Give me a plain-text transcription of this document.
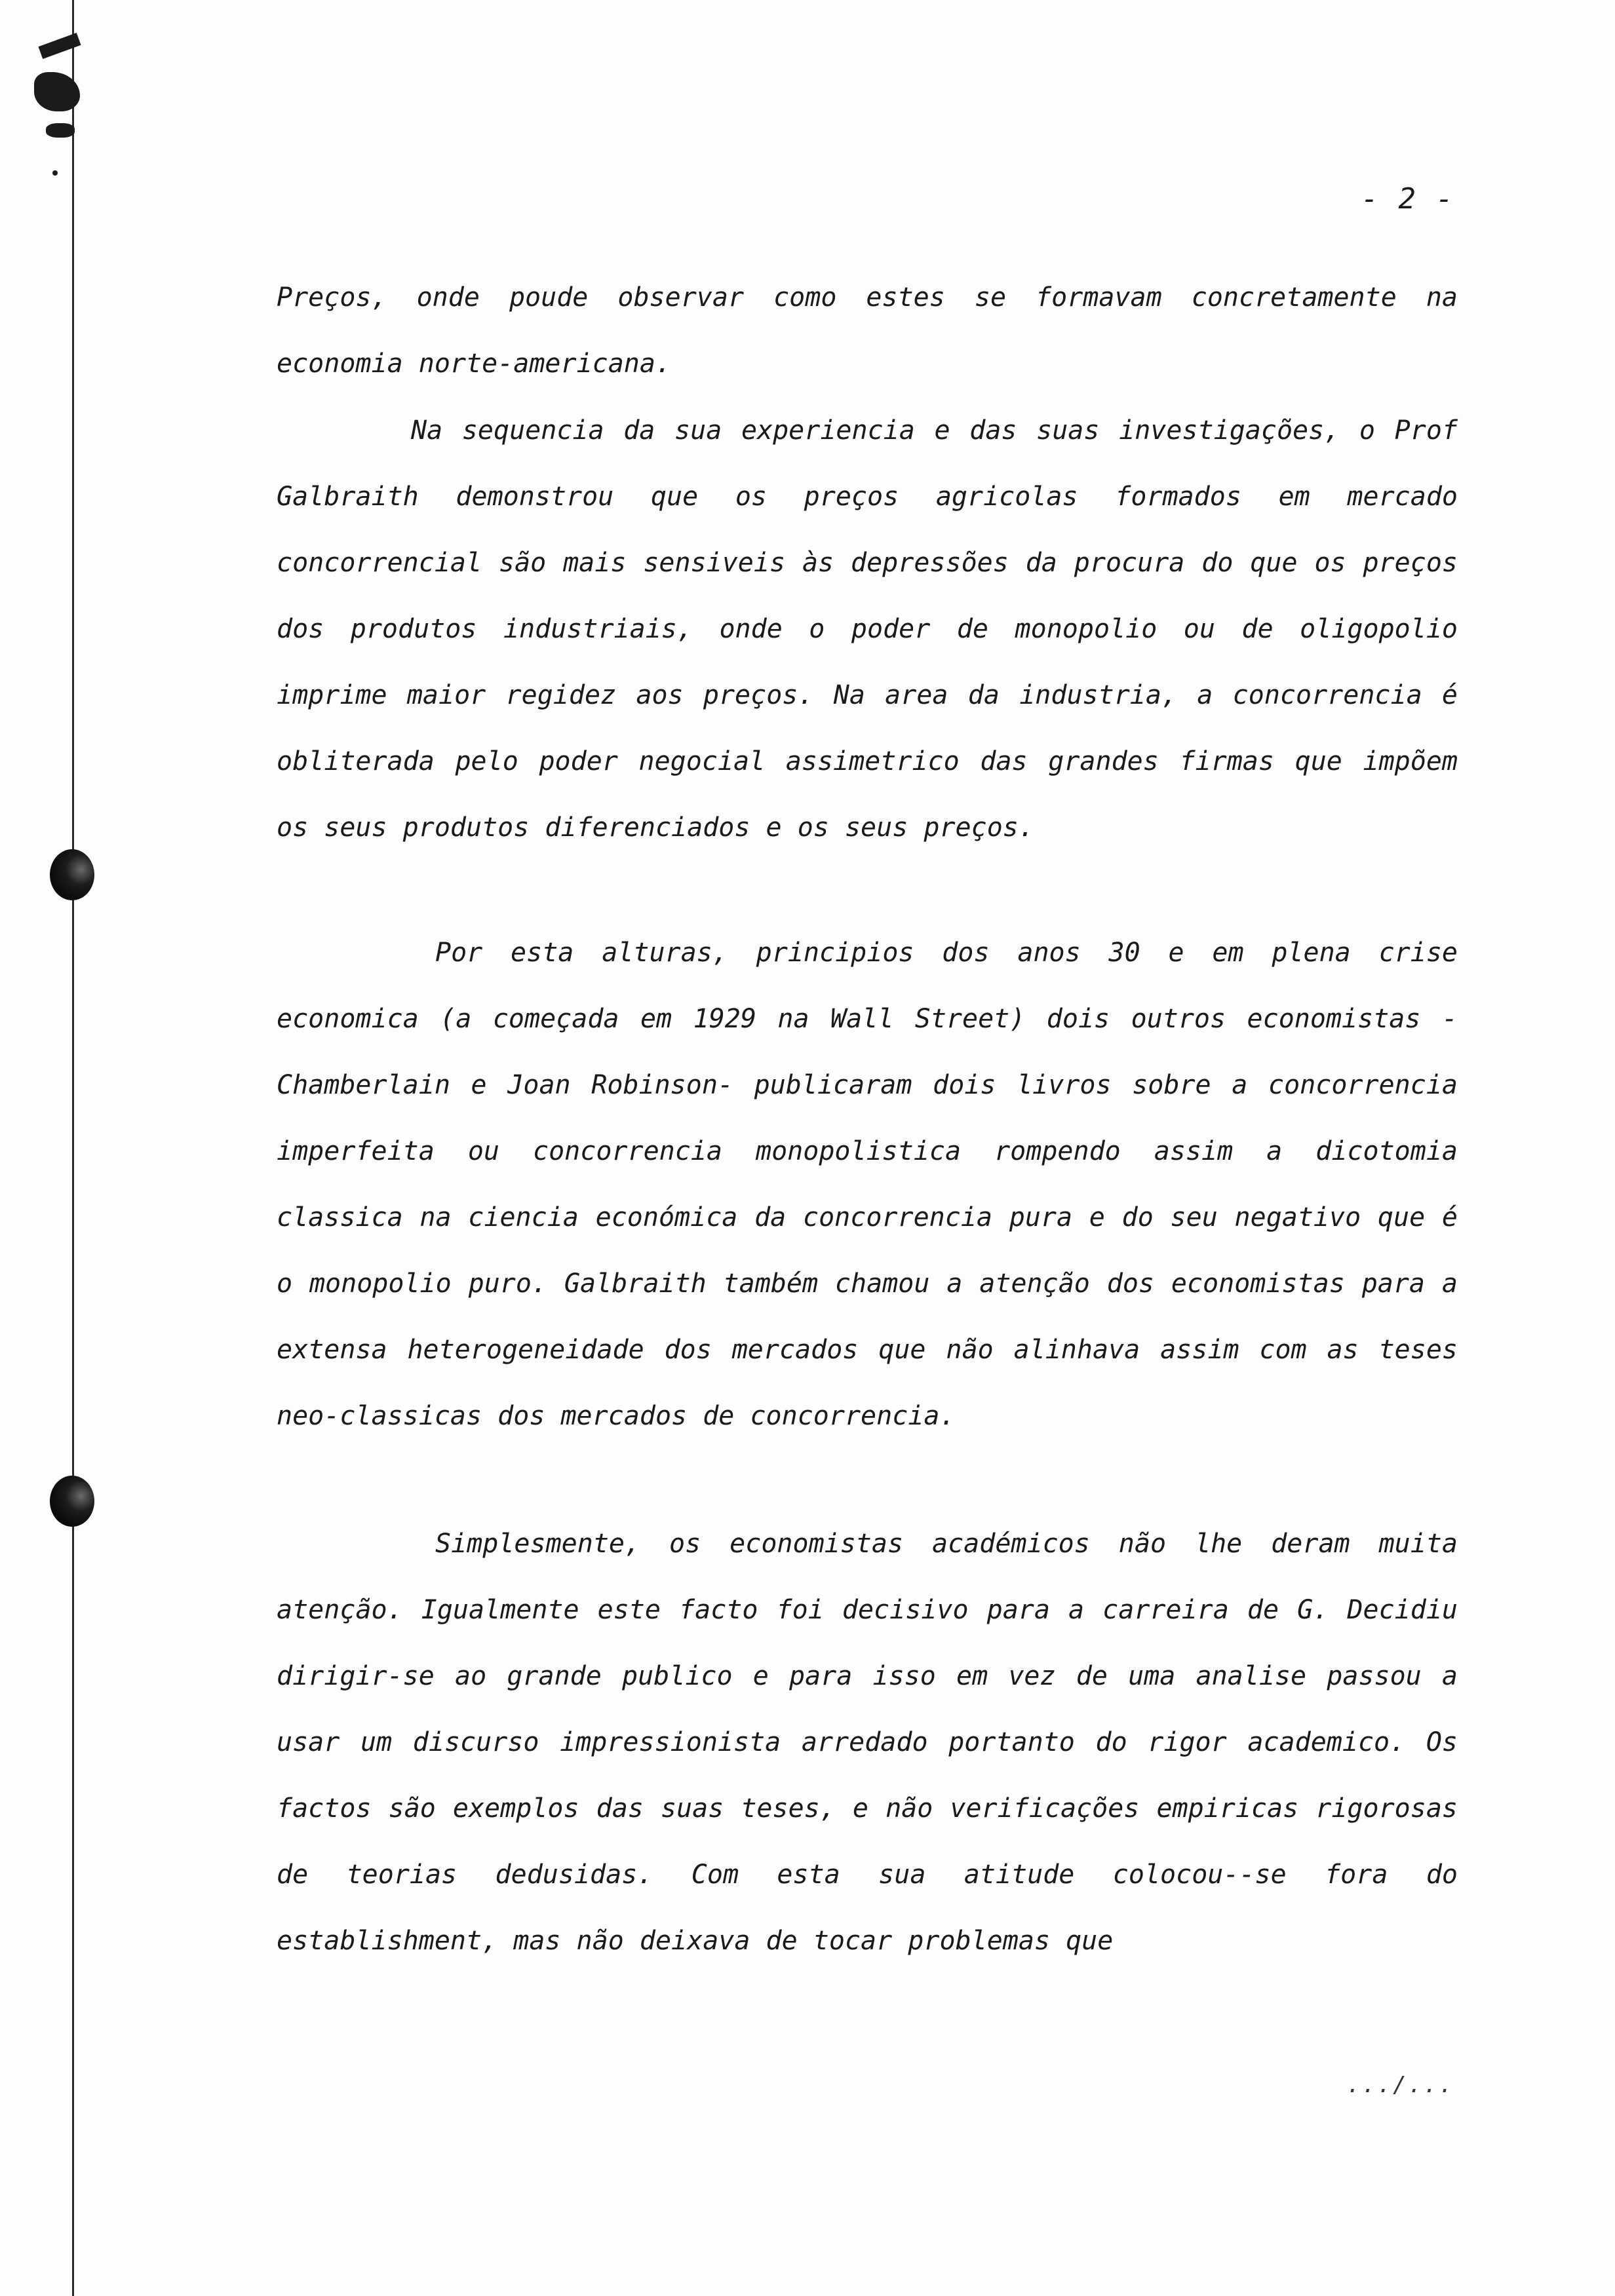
- 2 -

Preços, onde poude observar como estes se formavam concretamente na economia norte-americana.

Na sequencia da sua experiencia e das suas investigações, o Prof Galbraith demonstrou que os preços agricolas formados em mercado concorrencial são mais sensiveis às depressões da procura do que os preços dos produtos industriais, onde o poder de monopolio ou de oligopolio imprime maior regidez aos preços. Na area da industria, a concorrencia é obliterada pelo poder negocial assimetrico das grandes firmas que impõem os seus produtos diferenciados e os seus preços.

Por esta alturas, principios dos anos 30 e em plena crise economica (a começada em 1929 na Wall Street) dois outros economistas - Chamberlain e Joan Robinson- publicaram dois livros sobre a concorrencia imperfeita ou concorrencia monopolistica rompendo assim a dicotomia classica na ciencia económica da concorrencia pura e do seu negativo que é o monopolio puro. Galbraith também chamou a atenção dos economistas para a extensa heterogeneidade dos mercados que não alinhava assim com as teses neo-classicas dos mercados de concorrencia.

Simplesmente, os economistas académicos não lhe deram muita atenção. Igualmente este facto foi decisivo para a carreira de G. Decidiu dirigir-se ao grande publico e para isso em vez de uma analise passou a usar um discurso impressionista arredado portanto do rigor academico. Os factos são exemplos das suas teses, e não verificações empiricas rigorosas de teorias dedusidas. Com esta sua atitude colocou--se fora do establishment, mas não deixava de tocar problemas que

.../...
